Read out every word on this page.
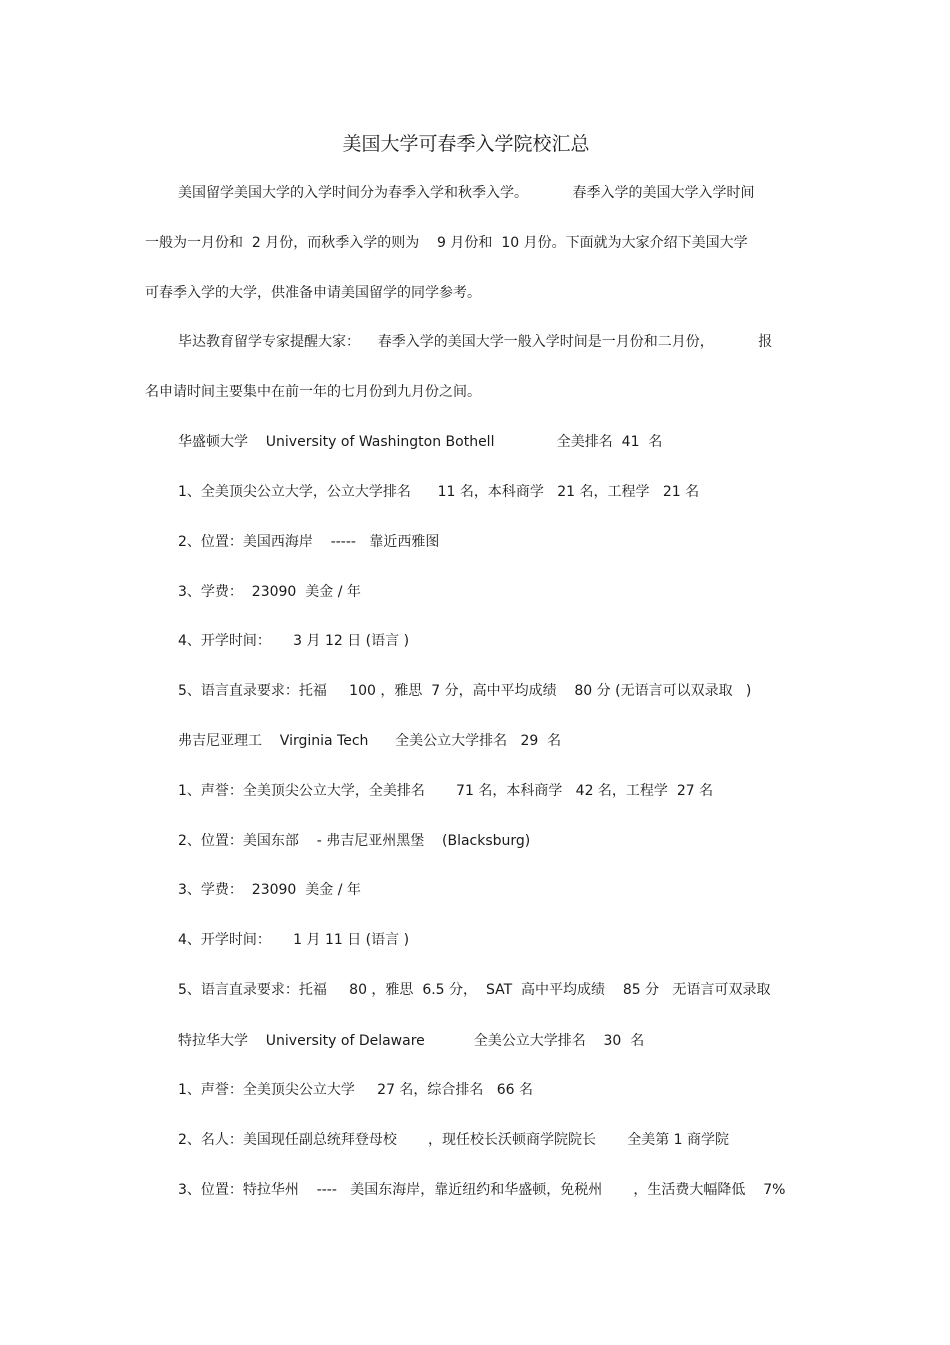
美国大学可春季入学院校汇总
美国留学美国大学的入学时间分为春季入学和秋季入学。          春季入学的美国大学入学时间
一般为一月份和  2 月份，而秋季入学的则为    9 月份和  10 月份。下面就为大家介绍下美国大学
可春季入学的大学，供准备申请美国留学的同学参考。
毕达教育留学专家提醒大家：    春季入学的美国大学一般入学时间是一月份和二月份，          报
名申请时间主要集中在前一年的七月份到九月份之间。
华盛顿大学    University of Washington Bothell              全美排名  41  名
1、全美顶尖公立大学，公立大学排名      11 名，本科商学   21 名，工程学   21 名
2、位置：美国西海岸    -----   靠近西雅图
3、学费：  23090  美金 / 年
4、开学时间：     3 月 12 日 (语言 )
5、语言直录要求：托福     100 ，雅思  7 分，高中平均成绩    80 分 (无语言可以双录取   )
弗吉尼亚理工    Virginia Tech      全美公立大学排名   29  名
1、声誉：全美顶尖公立大学，全美排名       71 名，本科商学   42 名，工程学  27 名
2、位置：美国东部    - 弗吉尼亚州黑堡    (Blacksburg)
3、学费：  23090  美金 / 年
4、开学时间：     1 月 11 日 (语言 )
5、语言直录要求：托福     80 ，雅思  6.5 分，  SAT  高中平均成绩    85 分   无语言可双录取
特拉华大学    University of Delaware           全美公立大学排名    30  名
1、声誉：全美顶尖公立大学     27 名，综合排名   66 名
2、名人：美国现任副总统拜登母校       ，现任校长沃顿商学院院长       全美第 1 商学院
3、位置：特拉华州    ----   美国东海岸，靠近纽约和华盛顿，免税州       ，生活费大幅降低    7%
